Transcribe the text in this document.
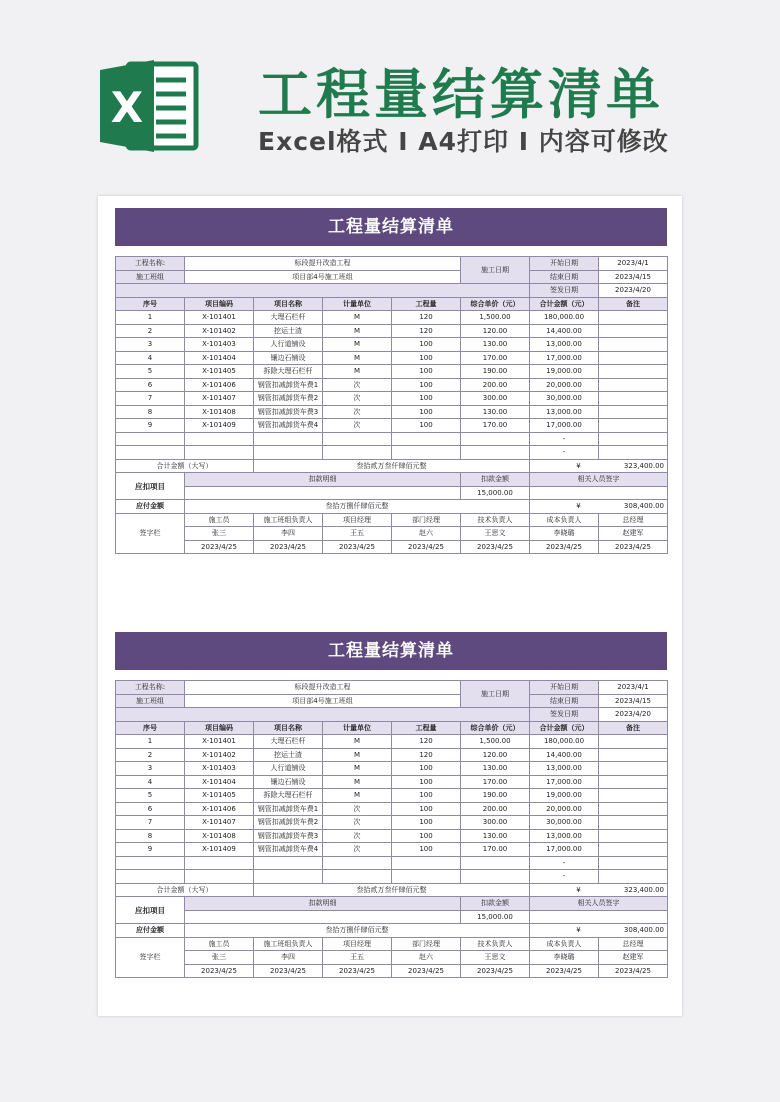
X 工程量结算清单
Excel格式 I A4打印 I 内容可修改
工程量结算清单
工程名称:	标段提升改造工程				施工日期	开始日期	2023/4/1
施工班组	项目部4号施工班组					结束日期	2023/4/15
						签发日期	2023/4/20
序号	项目编码	项目名称	计量单位	工程量	综合单价（元）	合计金额（元）	备注
1	X-101401	大理石栏杆	M	120	1,500.00	180,000.00	
2	X-101402	挖运土渣	M	120	120.00	14,400.00	
3	X-101403	人行道铺设	M	100	130.00	13,000.00	
4	X-101404	镶边石铺设	M	100	170.00	17,000.00	
5	X-101405	拆除大理石栏杆	M	100	190.00	19,000.00	
6	X-101406	钢管扣减卸货车费1	次	100	200.00	20,000.00	
7	X-101407	钢管扣减卸货车费2	次	100	300.00	30,000.00	
8	X-101408	钢管扣减卸货车费3	次	100	130.00	13,000.00	
9	X-101409	钢管扣减卸货车费4	次	100	170.00	17,000.00	
						-	
						-	
合计金额（大写）		叁拾贰万叁仟肆佰元整				¥ 323,400.00	

应扣项目	扣款明细				扣款金额	相关人员签字	
					15,000.00		
应付金额	叁拾万捌仟肆佰元整					¥ 308,400.00	

签字栏	施工员	施工班组负责人	项目经理	部门经理	技术负责人	成本负责人	总经理
	张三	李四	王五	赵六	王思文	李晓璐	赵建军
	2023/4/25	2023/4/25	2023/4/25	2023/4/25	2023/4/25	2023/4/25	2023/4/25
工程量结算清单
工程名称:	标段提升改造工程				施工日期	开始日期	2023/4/1
施工班组	项目部4号施工班组					结束日期	2023/4/15
						签发日期	2023/4/20
序号	项目编码	项目名称	计量单位	工程量	综合单价（元）	合计金额（元）	备注
1	X-101401	大理石栏杆	M	120	1,500.00	180,000.00	
2	X-101402	挖运土渣	M	120	120.00	14,400.00	
3	X-101403	人行道铺设	M	100	130.00	13,000.00	
4	X-101404	镶边石铺设	M	100	170.00	17,000.00	
5	X-101405	拆除大理石栏杆	M	100	190.00	19,000.00	
6	X-101406	钢管扣减卸货车费1	次	100	200.00	20,000.00	
7	X-101407	钢管扣减卸货车费2	次	100	300.00	30,000.00	
8	X-101408	钢管扣减卸货车费3	次	100	130.00	13,000.00	
9	X-101409	钢管扣减卸货车费4	次	100	170.00	17,000.00	
						-	
						-	
合计金额（大写）		叁拾贰万叁仟肆佰元整				¥ 323,400.00	

应扣项目	扣款明细				扣款金额	相关人员签字	
					15,000.00		
应付金额	叁拾万捌仟肆佰元整					¥ 308,400.00	

签字栏	施工员	施工班组负责人	项目经理	部门经理	技术负责人	成本负责人	总经理
	张三	李四	王五	赵六	王思文	李晓璐	赵建军
	2023/4/25	2023/4/25	2023/4/25	2023/4/25	2023/4/25	2023/4/25	2023/4/25
